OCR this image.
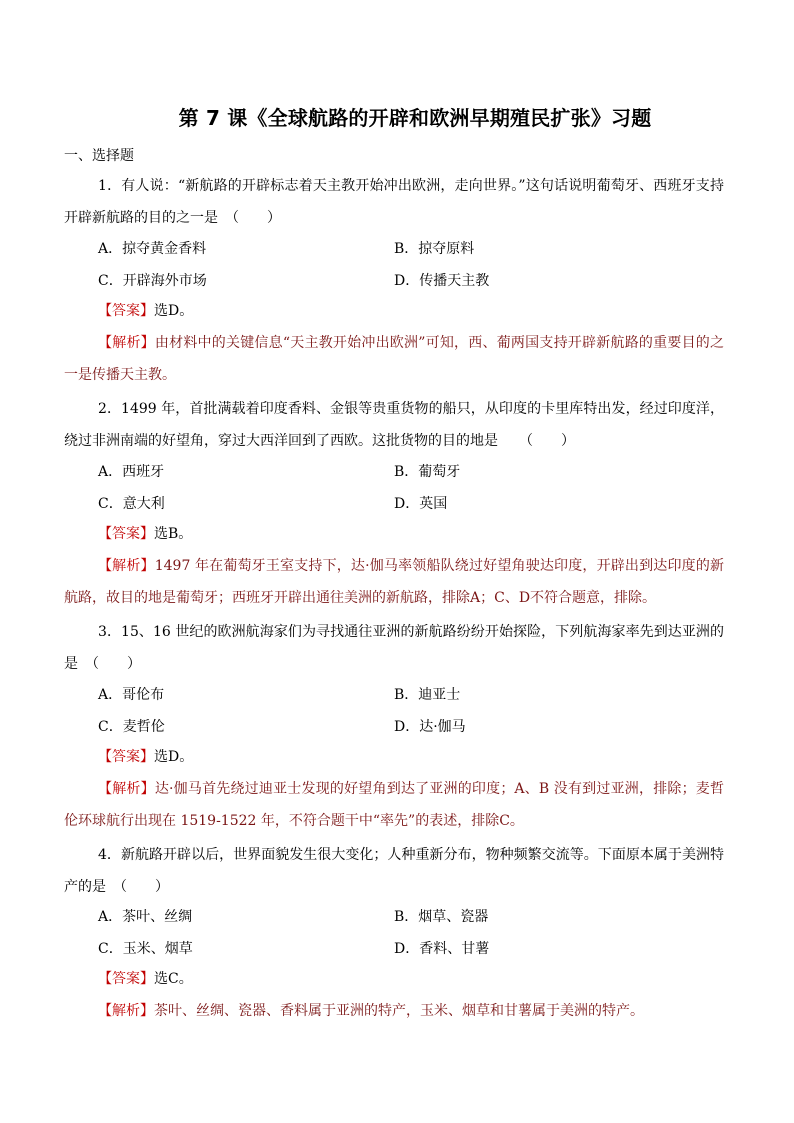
第 7 课《全球航路的开辟和欧洲早期殖民扩张》习题
一、选择题
1．有人说：“新航路的开辟标志着天主教开始冲出欧洲，走向世界。”这句话说明葡萄牙、西班牙支持开辟新航路的目的之一是　（　　）
A．掠夺黄金香料	B．掠夺原料
C．开辟海外市场	D．传播天主教
【答案】选D。
【解析】由材料中的关键信息“天主教开始冲出欧洲”可知，西、葡两国支持开辟新航路的重要目的之一是传播天主教。
2．1499 年，首批满载着印度香料、金银等贵重货物的船只，从印度的卡里库特出发，经过印度洋，绕过非洲南端的好望角，穿过大西洋回到了西欧。这批货物的目的地是　　（　　）
A．西班牙	B．葡萄牙
C．意大利	D．英国
【答案】选B。
【解析】1497 年在葡萄牙王室支持下，达·伽马率领船队绕过好望角驶达印度，开辟出到达印度的新航路，故目的地是葡萄牙；西班牙开辟出通往美洲的新航路，排除A；C、D不符合题意，排除。
3．15、16 世纪的欧洲航海家们为寻找通往亚洲的新航路纷纷开始探险，下列航海家率先到达亚洲的是　（　　）
A．哥伦布	B．迪亚士
C．麦哲伦	D．达·伽马
【答案】选D。
【解析】达·伽马首先绕过迪亚士发现的好望角到达了亚洲的印度；A、B 没有到过亚洲，排除；麦哲伦环球航行出现在 1519-1522 年，不符合题干中“率先”的表述，排除C。
4．新航路开辟以后，世界面貌发生很大变化；人种重新分布，物种频繁交流等。下面原本属于美洲特产的是　（　　）
A．茶叶、丝绸	B．烟草、瓷器
C．玉米、烟草	D．香料、甘薯
【答案】选C。
【解析】茶叶、丝绸、瓷器、香料属于亚洲的特产，玉米、烟草和甘薯属于美洲的特产。
